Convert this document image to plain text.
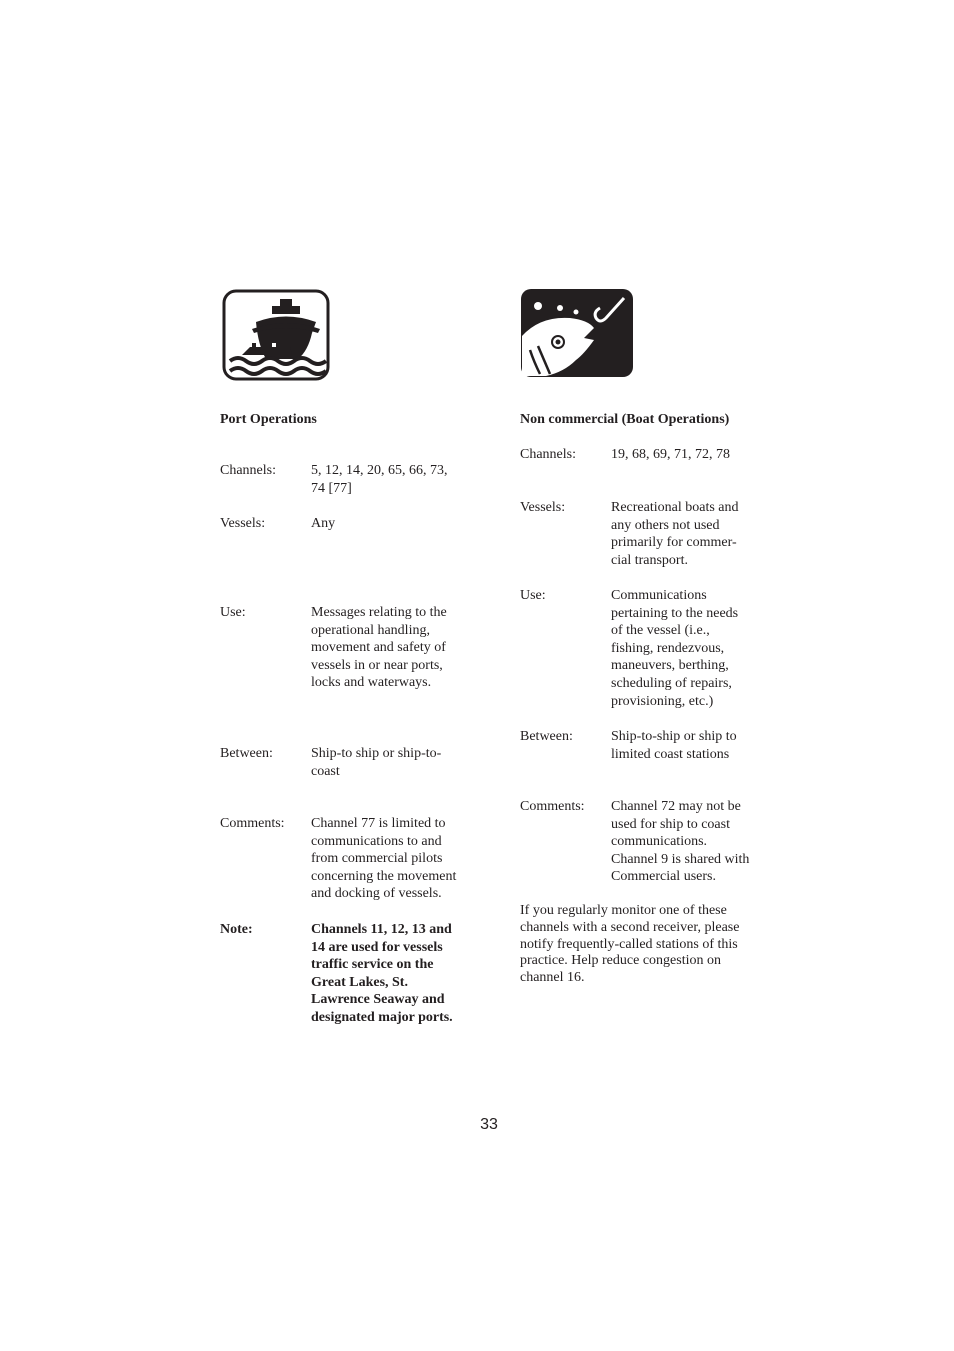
Port Operations
Channels:	5, 12, 14, 20, 65, 66, 73,
74 [77]
Vessels:	Any
Use:	Messages relating to the
operational handling,
movement and safety of
vessels in or near ports,
locks and waterways.
Between:	Ship-to ship or ship-to-
coast
Comments: Channel 77 is limited to
communications to and
from commercial pilots
concerning the movement
and docking of vessels.
Note:	Channels 11, 12, 13 and
14 are used for vessels
traffic service on the
Great Lakes, St.
Lawrence Seaway and
designated major ports.
Non commercial (Boat Operations)
Channels:	19, 68, 69, 71, 72, 78
Vessels:	Recreational boats and
any others not used
primarily for commer-
cial transport.
Use:	Communications
pertaining to the needs
of the vessel (i.e.,
fishing, rendezvous,
maneuvers, berthing,
scheduling of repairs,
provisioning, etc.)
Between:	Ship-to-ship or ship to
limited coast stations
Comments: Channel 72 may not be
used for ship to coast
communications.
Channel 9 is shared with
Commercial users.
If you regularly monitor one of these
channels with a second receiver, please
notify frequently-called stations of this
practice. Help reduce congestion on
channel 16.
33
